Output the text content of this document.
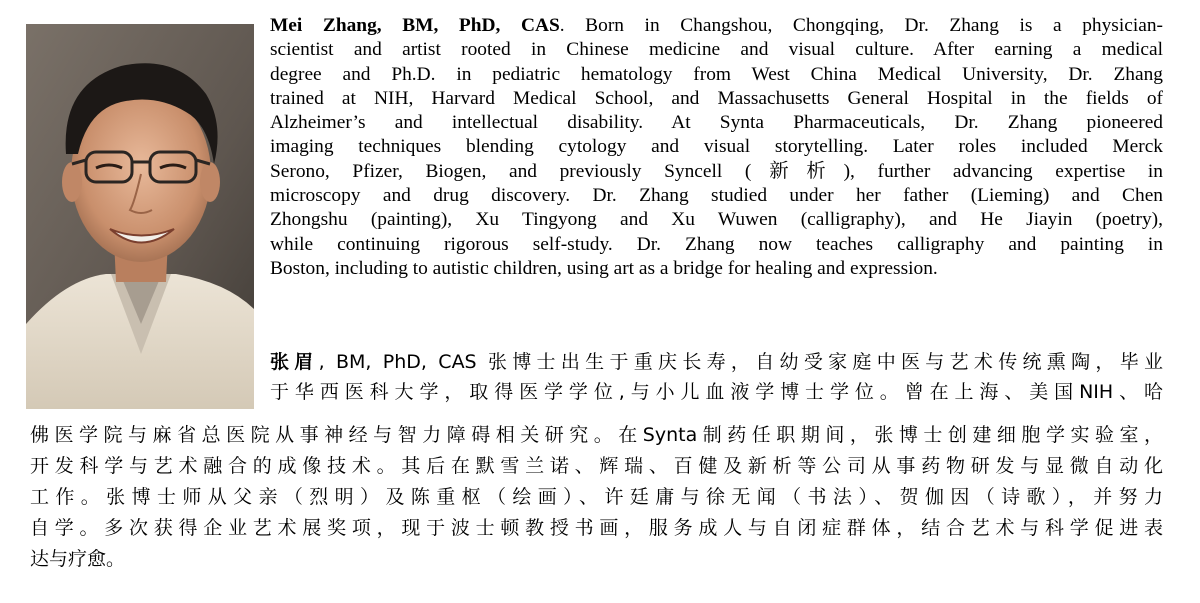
Mei Zhang, BM, PhD, CAS. Born in Changshou, Chongqing, Dr. Zhang is a physician-
scientist and artist rooted in Chinese medicine and visual culture. After earning a medical
degree and Ph.D. in pediatric hematology from West China Medical University, Dr. Zhang
trained at NIH, Harvard Medical School, and Massachusetts General Hospital in the fields of
Alzheimer’s and intellectual disability. At Synta Pharmaceuticals, Dr. Zhang pioneered
imaging techniques blending cytology and visual storytelling. Later roles included Merck
Serono, Pfizer, Biogen, and previously Syncell (新析), further advancing expertise in
microscopy and drug discovery. Dr. Zhang studied under her father (Lieming) and Chen
Zhongshu (painting), Xu Tingyong and Xu Wuwen (calligraphy), and He Jiayin (poetry),
while continuing rigorous self-study. Dr. Zhang now teaches calligraphy and painting in
Boston, including to autistic children, using art as a bridge for healing and expression.
张眉, BM, PhD, CAS 张博士出生于重庆长寿，自幼受家庭中医与艺术传统熏陶，毕业
于华西医科大学，取得医学学位,与小儿血液学博士学位。曾在上海、美国NIH、哈
佛医学院与麻省总医院从事神经与智力障碍相关研究。在Synta制药任职期间，张博士创建细胞学实验室，
开发科学与艺术融合的成像技术。其后在默雪兰诺、辉瑞、百健及新析等公司从事药物研发与显微自动化
工作。张博士师从父亲（烈明）及陈重枢（绘画）、许廷庸与徐无闻（书法）、贺伽因（诗歌），并努力
自学。多次获得企业艺术展奖项，现于波士顿教授书画，服务成人与自闭症群体，结合艺术与科学促进表
达与疗愈。
